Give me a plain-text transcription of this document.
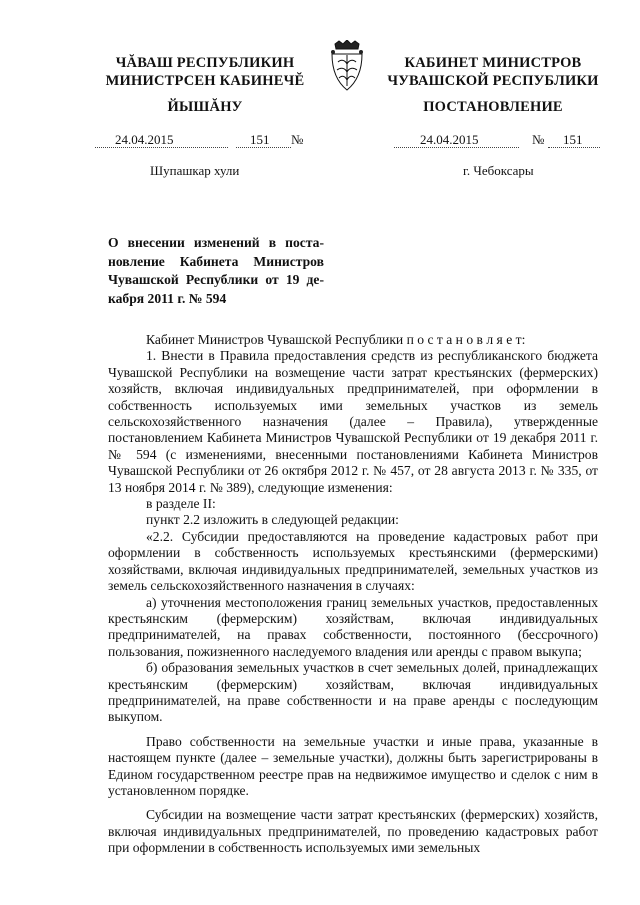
ЧĂВАШ РЕСПУБЛИКИН
МИНИСТРСЕН КАБИНЕЧĔ
ЙЫШĂНУ
КАБИНЕТ МИНИСТРОВ
ЧУВАШСКОЙ РЕСПУБЛИКИ
ПОСТАНОВЛЕНИЕ
24.04.2015	151 №	24.04.2015	№ 151
Шупашкар хули	г. Чебоксары
О внесении изменений в поста-
новление Кабинета Министров
Чувашской Республики от 19 де-
кабря 2011 г. № 594

Кабинет Министров Чувашской Республики п о с т а н о в л я е т:

1. Внести в Правила предоставления средств из республиканского бюджета Чувашской Республики на возмещение части затрат крестьянских (фермерских) хозяйств, включая индивидуальных предпринимателей, при оформлении в собственность используемых ими земельных участков из земель сельскохозяйственного назначения (далее – Правила), утвержденные постановлением Кабинета Министров Чувашской Республики от 19 декабря 2011 г. № 594 (с изменениями, внесенными постановлениями Кабинета Министров Чувашской Республики от 26 октября 2012 г. № 457, от 28 августа 2013 г. № 335, от 13 ноября 2014 г. № 389), следующие изменения:

в разделе II:

пункт 2.2 изложить в следующей редакции:

«2.2. Субсидии предоставляются на проведение кадастровых работ при оформлении в собственность используемых крестьянскими (фермерскими) хозяйствами, включая индивидуальных предпринимателей, земельных участков из земель сельскохозяйственного назначения в случаях:

а) уточнения местоположения границ земельных участков, предоставленных крестьянским (фермерским) хозяйствам, включая индивидуальных предпринимателей, на правах собственности, постоянного (бессрочного) пользования, пожизненного наследуемого владения или аренды с правом выкупа;

б) образования земельных участков в счет земельных долей, принадлежащих крестьянским (фермерским) хозяйствам, включая индивидуальных предпринимателей, на праве собственности и на праве аренды с последующим выкупом.

Право собственности на земельные участки и иные права, указанные в настоящем пункте (далее – земельные участки), должны быть зарегистрированы в Едином государственном реестре прав на недвижимое имущество и сделок с ним в установленном порядке.

Субсидии на возмещение части затрат крестьянских (фермерских) хозяйств, включая индивидуальных предпринимателей, по проведению кадастровых работ при оформлении в собственность используемых ими земельных
